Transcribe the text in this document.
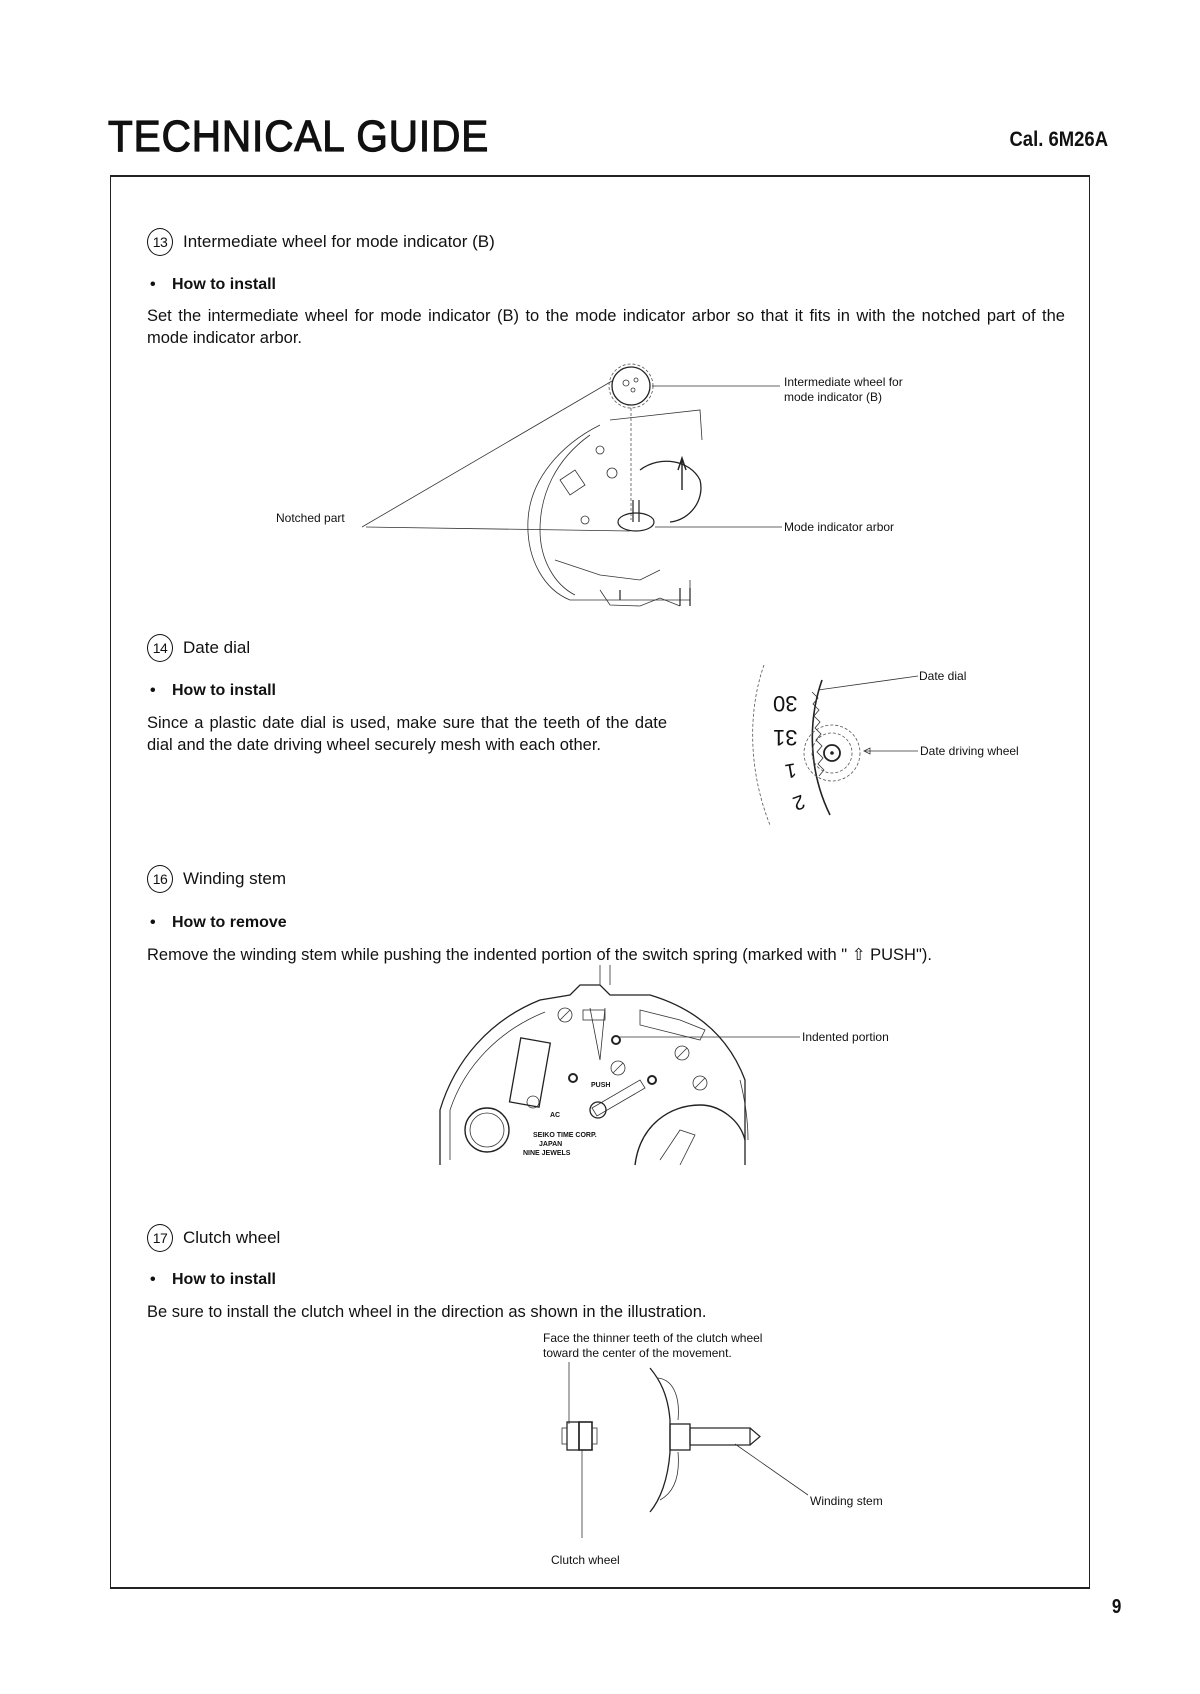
TECHNICAL GUIDE	Cal. 6M26A
13 Intermediate wheel for mode indicator (B)
• How to install
Set the intermediate wheel for mode indicator (B) to the mode indicator arbor so that it fits in with the notched part of the mode indicator arbor.
Intermediate wheel for
mode indicator (B)
Mode indicator arbor
Notched part
14 Date dial
• How to install
Since a plastic date dial is used, make sure that the teeth of the date dial and the date driving wheel securely mesh with each other.
30
31
1
2
Date dial
Date driving wheel
16 Winding stem
• How to remove
Remove the winding stem while pushing the indented portion of the switch spring (marked with " ⇧ PUSH").
PUSH
AC
SEIKO TIME CORP.
JAPAN
NINE JEWELS
Indented portion
17 Clutch wheel
• How to install
Be sure to install the clutch wheel in the direction as shown in the illustration.
Face the thinner teeth of the clutch wheel
toward the center of the movement.
Winding stem
Clutch wheel
9
